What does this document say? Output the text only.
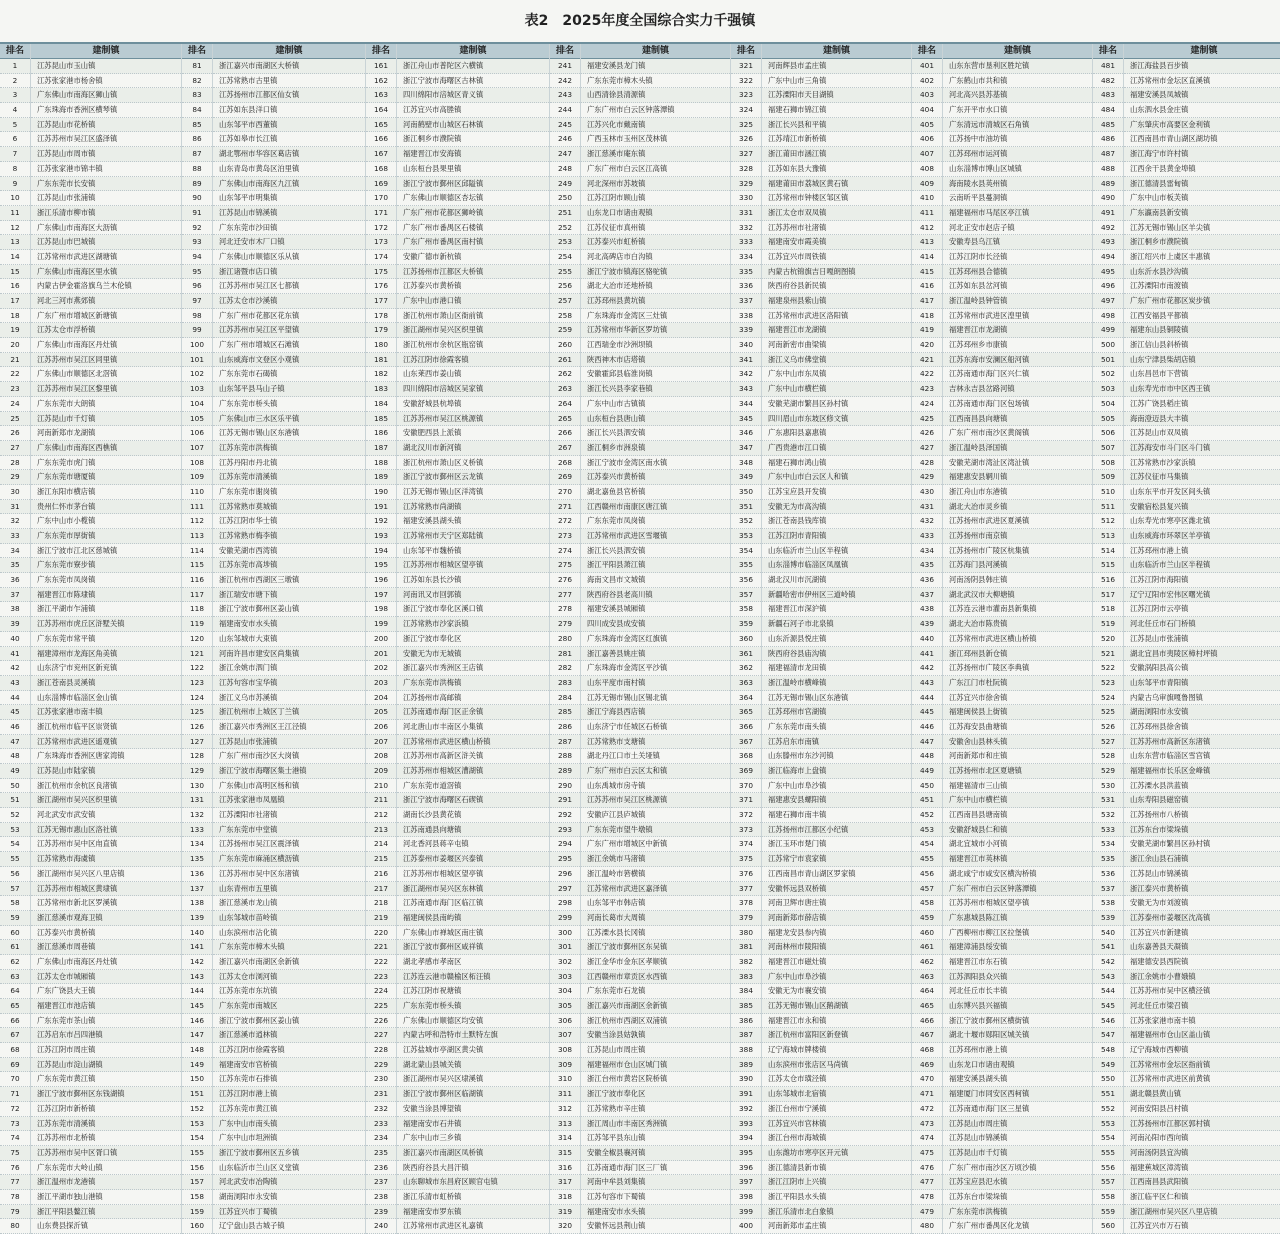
表2　2025年度全国综合实力千强镇
排名
1
2
3
4
5
6
7
8
9
10
11
12
13
14
15
16
17
18
19
20
21
22
23
24
25
26
27
28
29
30
31
32
33
34
35
36
37
38
39
40
41
42
43
44
45
46
47
48
49
50
51
52
53
54
55
56
57
58
59
60
61
62
63
64
65
66
67
68
69
70
71
72
73
74
75
76
77
78
79
80
建制镇
江苏昆山市玉山镇
江苏张家港市杨舍镇
广东佛山市南海区狮山镇
广东珠海市香洲区横琴镇
江苏昆山市花桥镇
江苏苏州市吴江区盛泽镇
江苏昆山市周市镇
江苏张家港市锦丰镇
广东东莞市长安镇
江苏昆山市张浦镇
浙江乐清市柳市镇
广东佛山市南海区大沥镇
江苏昆山市巴城镇
江苏常州市武进区湖塘镇
广东佛山市南海区里水镇
内蒙古伊金霍洛旗乌兰木伦镇
河北三河市燕郊镇
广东广州市增城区新塘镇
江苏太仓市浮桥镇
广东佛山市南海区丹灶镇
江苏苏州市吴江区同里镇
广东佛山市顺德区北滘镇
江苏苏州市吴江区黎里镇
广东东莞市大朗镇
江苏昆山市千灯镇
河南新郑市龙湖镇
广东佛山市南海区西樵镇
广东东莞市虎门镇
广东东莞市塘厦镇
浙江东阳市横店镇
贵州仁怀市茅台镇
广东中山市小榄镇
广东东莞市厚街镇
浙江宁波市江北区慈城镇
广东东莞市寮步镇
广东东莞市凤岗镇
福建晋江市陈埭镇
浙江平湖市乍浦镇
江苏苏州市虎丘区浒墅关镇
广东东莞市常平镇
福建漳州市龙海区角美镇
山东济宁市兖州区新兖镇
浙江苍南县灵溪镇
山东淄博市临淄区金山镇
江苏张家港市南丰镇
浙江杭州市临平区崇贤镇
江苏常州市武进区遥观镇
广东珠海市香洲区唐家湾镇
江苏昆山市陆家镇
浙江杭州市余杭区良渚镇
浙江湖州市吴兴区织里镇
河北武安市武安镇
江苏无锡市惠山区洛社镇
江苏苏州市吴中区甪直镇
江苏常熟市海虞镇
浙江湖州市吴兴区八里店镇
江苏苏州市相城区黄埭镇
江苏常州市新北区罗溪镇
浙江慈溪市观海卫镇
江苏泰兴市黄桥镇
浙江慈溪市周巷镇
广东佛山市南海区丹灶镇
江苏太仓市城厢镇
广东广饶县大王镇
福建晋江市池店镇
广东东莞市茶山镇
江苏启东市吕四港镇
江苏江阴市周庄镇
江苏昆山市淀山湖镇
广东东莞市黄江镇
浙江宁波市鄞州区东钱湖镇
江苏江阴市新桥镇
江苏东莞市清溪镇
江苏苏州市北桥镇
江苏苏州市吴中区胥口镇
广东东莞市大岭山镇
浙江温州市龙港镇
浙江平湖市独山港镇
浙江平阳县鳌江镇
山东费县探沂镇
排名
81
82
83
84
85
86
87
88
89
90
91
92
93
94
95
96
97
98
99
100
101
102
103
104
105
106
107
108
109
110
111
112
113
114
115
116
117
118
119
120
121
122
123
124
125
126
127
128
129
130
131
132
133
134
135
136
137
138
139
140
141
142
143
144
145
146
147
148
149
150
151
152
153
154
155
156
157
158
159
160
建制镇
浙江嘉兴市南湖区大桥镇
江苏常熟市古里镇
江苏扬州市江都区仙女镇
江苏如东县洋口镇
山东邹平市西董镇
江苏如皋市长江镇
湖北鄂州市华容区葛店镇
山东青岛市黄岛区泊里镇
广东佛山市南海区九江镇
山东邹平市明集镇
江苏昆山市锦溪镇
广东东莞市沙田镇
河北迁安市木厂口镇
广东佛山市顺德区乐从镇
浙江诸暨市店口镇
江苏苏州市吴江区七都镇
江苏太仓市沙溪镇
广东广州市花都区花东镇
江苏苏州市吴江区平望镇
广东广州市增城区石滩镇
山东威海市文登区小观镇
广东东莞市石碣镇
山东邹平县马山子镇
广东东莞市桥头镇
广东佛山市三水区乐平镇
江苏无锡市锡山区东港镇
江苏东莞市洪梅镇
江苏丹阳市丹北镇
江苏东莞市清溪镇
广东东莞市谢岗镇
江苏常熟市莫城镇
江苏江阴市华士镇
江苏常熟市梅李镇
安徽芜湖市西湾镇
江苏东莞市高埗镇
浙江杭州市西湖区三墩镇
浙江瑞安市塘下镇
浙江宁波市鄞州区姜山镇
福建南安市水头镇
山东邹城市大束镇
河南许昌市建安区尚集镇
浙江余姚市泗门镇
江苏句容市宝华镇
浙江义乌市苏溪镇
浙江杭州市上城区丁兰镇
浙江嘉兴市秀洲区王江泾镇
江苏昆山市张浦镇
广东广州市南沙区大岗镇
浙江宁波市海曙区集士港镇
广东佛山市高明区杨和镇
江苏张家港市凤凰镇
江苏溧阳市社渚镇
广东东莞市中堂镇
江苏扬州市吴江区震泽镇
广东东莞市麻涌区横沥镇
江苏苏州市吴中区东渚镇
山东青州市五里镇
浙江慈溪市龙山镇
山东邹城市苗岭镇
山东滨州市沾化镇
广东东莞市樟木头镇
浙江嘉兴市南湖区余新镇
江苏太仓市浏河镇
江苏东莞市东坑镇
广东东莞市南城区
浙江宁波市鄞州区姜山镇
浙江慈溪市逍林镇
江苏江阴市徐霞客镇
福建南安市官桥镇
江苏东莞市石排镇
江苏江阴市港上镇
江苏东莞市黄江镇
广东中山市南头镇
广东中山市坦洲镇
浙江宁波市鄞州区五乡镇
山东临沂市兰山区义堂镇
河北武安市冶陶镇
湖南浏阳市永安镇
江苏宜兴市丁蜀镇
辽宁盘山县古城子镇
排名
161
162
163
164
165
166
167
168
169
170
171
172
173
174
175
176
177
178
179
180
181
182
183
184
185
186
187
188
189
190
191
192
193
194
195
196
197
198
199
200
201
202
203
204
205
206
207
208
209
210
211
212
213
214
215
216
217
218
219
220
221
222
223
224
225
226
227
228
229
230
231
232
233
234
235
236
237
238
239
240
建制镇
浙江舟山市普陀区六横镇
浙江宁波市海曙区古林镇
四川绵阳市涪城区青义镇
江苏宜兴市高塍镇
河南鹤壁市山城区石林镇
浙江桐乡市濮院镇
福建晋江市安海镇
山东桓台县果里镇
浙江宁波市鄞州区邱隘镇
广东佛山市顺德区杏坛镇
广东广州市花都区狮岭镇
广东广州市番禺区石楼镇
广东广州市番禺区南村镇
安徽广德市新杭镇
江苏扬州市江都区大桥镇
江苏泰兴市黄桥镇
广东中山市港口镇
浙江杭州市萧山区衙前镇
浙江湖州市吴兴区织里镇
浙江杭州市余杭区瓶窑镇
江苏江阴市徐霞客镇
山东莱西市姜山镇
四川绵阳市涪城区吴家镇
安徽舒城县杭埠镇
江苏苏州市吴江区桃源镇
安徽肥西县上派镇
湖北汉川市新河镇
浙江杭州市萧山区义桥镇
浙江宁波市鄞州区云龙镇
江苏无锡市锡山区洋湾镇
江苏常熟市尚湖镇
福建安溪县湖头镇
江苏常州市天宁区郑陆镇
山东邹平市魏桥镇
江苏苏州市相城区望亭镇
江苏如东县长沙镇
河南讯又市回郭镇
浙江宁波市奉化区溪口镇
江苏常熟市沙家浜镇
浙江宁波市奉化区
安徽无为市无城镇
浙江嘉兴市秀洲区王店镇
广东东莞市洪梅镇
江苏扬州市高邮镇
江苏南通市海门区正余镇
河北唐山市丰南区小集镇
江苏常州市武进区横山桥镇
江苏苏州市高新区浒关镇
江苏苏州市相城区漕湖镇
广东东莞市道滘镇
浙江宁波市海曙区石碶镇
湖南长沙县黄花镇
江苏南通县向塘镇
河北香河县蒋辛屯镇
江苏泰州市姜堰区兴泰镇
江苏苏州市相城区望亭镇
浙江湖州市吴兴区东林镇
江苏南通市海门区临江镇
福建闽侯县南屿镇
广东佛山市禅城区南庄镇
浙江宁波市鄞州区咸祥镇
湖北孝感市孝南区
江苏连云港市赣榆区柘汪镇
江苏江阴市祝塘镇
广东东莞市桥头镇
广东佛山市顺德区均安镇
内蒙古呼和浩特市土默特左旗
江苏盐城市亭湖区黄尖镇
湖北蒙山县城关镇
浙江湖州市吴兴区埭溪镇
浙江宁波市鄞州区临湖镇
安徽当涂县博望镇
福建南安市石井镇
广东中山市三乡镇
浙江嘉兴市南湖区凤桥镇
陕西府谷县大昌汗镇
山东聊城市东昌府区顾官屯镇
浙江乐清市虹桥镇
福建南安市罗东镇
江苏常州市武进区礼嘉镇
排名
241
242
243
244
245
246
247
248
249
250
251
252
253
254
255
256
257
258
259
260
261
262
263
264
265
266
267
268
269
270
271
272
273
274
275
276
277
278
279
280
281
282
283
284
285
286
287
288
289
290
291
292
293
294
295
296
297
298
299
300
301
302
303
304
305
306
307
308
309
310
311
312
313
314
315
316
317
318
319
320
建制镇
福建安溪县龙门镇
广东东莞市樟木头镇
山西清徐县清源镇
广东广州市白云区钟落潭镇
江苏兴化市戴南镇
广西玉林市玉州区茂林镇
浙江慈溪市庵东镇
广东广州市白云区江高镇
河北深州市苏坡镇
江苏江阴市顾山镇
山东龙口市诸由观镇
江苏仪征市真州镇
江苏泰兴市虹桥镇
河北高碑店市白沟镇
浙江宁波市镇海区骆驼镇
湖北大冶市还地桥镇
江苏邳州县黄坑镇
广东珠海市金湾区三灶镇
江苏常州市华新区罗坊镇
江西瑞金市沙洲坝镇
陕西神木市店塔镇
安徽霍邱县临淮岗镇
浙江长兴县李家巷镇
广东中山市古镇镇
山东桓台县唐山镇
浙江长兴县泗安镇
浙江桐乡市洲泉镇
浙江宁波市金湾区南水镇
江苏泰兴市黄桥镇
湖北嘉鱼县官桥镇
江西赣州市南康区唐江镇
广东东莞市凤岗镇
江苏常州市武进区雪堰镇
浙江长兴县泗安镇
浙江平阳县萧江镇
海南文昌市文城镇
陕西府谷县老高川镇
福建安溪县城厢镇
四川成安县成安镇
广东珠海市金湾区红旗镇
浙江嘉善县姚庄镇
广东珠海市金湾区平沙镇
山东平度市南村镇
江苏无锡市锡山区锡北镇
浙江宁海县西店镇
山东济宁市任城区石桥镇
江苏常熟市支塘镇
湖北丹江口市土关垭镇
广东广州市白云区太和镇
山东禹城市房寺镇
江苏苏州市吴江区桃源镇
安徽庐江县庐城镇
广东东莞市望牛墩镇
广东广州市增城区中新镇
浙江余姚市马渚镇
浙江温岭市箬横镇
江苏常州市武进区嘉泽镇
山东邹平市韩店镇
河南长葛市大周镇
江苏溧水县长冈镇
浙江宁波市鄞州区东吴镇
浙江金华市金东区孝顺镇
江西赣州市章贡区水西镇
广东东莞市石龙镇
浙江嘉兴市南湖区余新镇
浙江杭州市西湖区双浦镇
安徽当涂县姑孰镇
江苏昆山市周庄镇
福建福州市仓山区城门镇
浙江台州市黄岩区院桥镇
浙江宁波市奉化区
江苏常熟市辛庄镇
浙江周山市丰南区秀洲镇
江苏邹平县东山镇
安徽全椒县襄河镇
江苏南通市海门区三厂镇
河南中牟县刘集镇
江苏句容市下蜀镇
福建南安市水头镇
安徽怀远县荆山镇
排名
321
322
323
324
325
326
327
328
329
330
331
332
333
334
335
336
337
338
339
340
341
342
343
344
345
346
347
348
349
350
351
352
353
354
355
356
357
358
359
360
361
362
363
364
365
366
367
368
369
370
371
372
373
374
375
376
377
378
379
380
381
382
383
384
385
386
387
388
389
390
391
392
393
394
395
396
397
398
399
400
建制镇
河南辉县市孟庄镇
广东中山市三角镇
江苏溧阳市天目湖镇
福建石狮市锦江镇
浙江长兴县和平镇
江苏靖江市新桥镇
浙江莆田市涵江镇
江苏如东县大豫镇
福建莆田市荔城区黄石镇
江苏常州市钟楼区邹区镇
浙江太仓市双凤镇
江苏苏州市社渚镇
福建南安市霞美镇
江苏宜兴市周铁镇
内蒙古杭锦旗吉日嘎朗图镇
陕西府谷县新民镇
福建泉州县紫山镇
江苏常州市武进区洛阳镇
福建晋江市龙湖镇
河南新密市曲梁镇
浙江义乌市佛堂镇
广东中山市东凤镇
广东中山市横栏镇
安徽芜湖市繁昌区孙村镇
四川眉山市东坡区修文镇
广东惠阳县嘉惠镇
广西贵港市江口镇
福建石狮市鸿山镇
广东中山市白云区人和镇
江苏宝应县开发镇
安徽无为市高沟镇
浙江苍南县钱库镇
江苏江阴市青阳镇
山东临沂市兰山区半程镇
山东淄博市临淄区凤凰镇
湖北汉川市沉湖镇
新疆哈密市伊州区三道岭镇
福建晋江市深沪镇
新疆石河子市北泉镇
山东沂源县悦庄镇
陕西府谷县庙沟镇
福建福清市龙田镇
浙江温岭市横峰镇
江苏无锡市锡山区东港镇
江苏邳州市官湖镇
广东东莞市南头镇
江苏启东市南镇
山东滕州市东沙河镇
浙江临海市上盘镇
广东中山市阜沙镇
福建惠安县螺阳镇
福建石狮市南丰镇
江苏扬州市江都区小纪镇
浙江玉环市楚门镇
江苏常宁市袁家镇
江西南昌市青山湖区罗家镇
安徽怀远县双桥镇
河南卫辉市唐庄镇
河南新郑市薛店镇
福建龙安县参内镇
河南林州市陵阳镇
福建晋江市磁灶镇
广东中山市阜沙镇
安徽无为市襄安镇
江苏无锡市锡山区鹅湖镇
福建晋江市永和镇
浙江杭州市富阳区新登镇
辽宁海城市牌楼镇
山东滨州市张店区马尚镇
江苏太仓市璜泾镇
山东邹城市北宿镇
浙江台州市宁溪镇
江苏宜兴市官林镇
浙江台州市海城镇
山东潍坊市寒亭区开元镇
浙江德清县新市镇
浙江江阴市上兴镇
浙江平阳县水头镇
浙江乐清市北白象镇
河南新郑市孟庄镇
排名
401
402
403
404
405
406
407
408
409
410
411
412
413
414
415
416
417
418
419
420
421
422
423
424
425
426
427
428
429
430
431
432
433
434
435
436
437
438
439
440
441
442
443
444
445
446
447
448
449
450
451
452
453
454
455
456
457
458
459
460
461
462
463
464
465
466
467
468
469
470
471
472
473
474
475
476
477
478
479
480
建制镇
山东东营市垦利区胜坨镇
广东鹤山市共和镇
河北高兴县苏基镇
广东开平市水口镇
广东清远市清城区石角镇
江苏扬中市油坊镇
江苏邳州市运河镇
山东淄博市博山区城镇
海南陵水县英州镇
云南昕平县蔓洞镇
福建福州市马尾区亭江镇
河北正安市赵店子镇
安徽寿县乌江镇
江苏江阴市长泾镇
江苏邳州县合德镇
江苏如东县岔河镇
浙江温岭县钟管镇
江苏常州市武进区湟里镇
福建晋江市龙湖镇
江苏邳州乡市康镇
江苏东海市安澜区船河镇
江苏南通市海门区兴仁镇
吉林永吉县岔路河镇
江苏南通市海门区包场镇
江西南昌县向塘镇
广东广州市南沙区黄阁镇
浙江温岭县泽国镇
安徽芜湖市湾沚区湾沚镇
福建惠安县辋川镇
浙江舟山市东港镇
湖北大冶市灵乡镇
江苏扬州市武进区夏溪镇
江苏扬州市南京镇
江苏扬州市广陵区杭集镇
江苏海门县河溪镇
河南汤阴县韩庄镇
湖北武汉市大柳塘镇
江苏连云港市灌南县新集镇
湖北大冶市陈贵镇
江苏常州市武进区横山桥镇
浙江邳州县新仓镇
江苏扬州市广陵区李典镇
广东江门市杜阮镇
江苏宜兴市徐舍镇
福建闽侯县上街镇
江苏海安县曲塘镇
安徽舍山县林头镇
河南新郑市和庄镇
江苏扬州市北区夏塘镇
福建福清市三山镇
广东中山市横栏镇
江西南昌县塘南镇
安徽舒城县仁和镇
湖北宜城市小河镇
福建晋江市英林镇
湖北咸宁市咸安区横沟桥镇
广东广州市白云区钟落潭镇
江苏苏州市相城区望亭镇
广东惠城县陈江镇
广西柳州市柳江区拉堡镇
福建漳浦县绥安镇
福建晋江市东石镇
江苏泗阳县众兴镇
河北任丘市长丰镇
山东博兴县兴福镇
浙江宁波市鄞州区横街镇
湖北十堰市郧阳区城关镇
江苏邳州市港上镇
山东龙口市诸由观镇
福建安溪县湖头镇
福建厦门市同安区西柯镇
江苏南通市海门区三星镇
江苏昆山市周庄镇
江苏昆山市锦溪镇
江苏昆山市千灯镇
广东广州市南沙区万顷沙镇
江苏宝应县氾水镇
江苏东台市梁垛镇
广东东莞市洪梅镇
广东广州市番禺区化龙镇
排名
481
482
483
484
485
486
487
488
489
490
491
492
493
494
495
496
497
498
499
500
501
502
503
504
505
506
507
508
509
510
511
512
513
514
515
516
517
518
519
520
521
522
523
524
525
526
527
528
529
530
531
532
533
534
535
536
537
538
539
540
541
542
543
544
545
546
547
548
549
550
551
552
553
554
555
556
557
558
559
560
建制镇
浙江海盐县百步镇
江苏常州市金坛区直溪镇
福建安溪县凤城镇
山东泗水县金庄镇
广东肇庆市高要区金利镇
江西南昌市青山湖区湖坊镇
浙江海宁市许村镇
江西余干县黄金埠镇
浙江德清县雷甸镇
广东中山市板芙镇
广东瀛南县新安镇
江苏无锡市锡山区羊尖镇
浙江桐乡市濮院镇
浙江绍兴市上虞区丰惠镇
山东沂水县沙沟镇
江苏溧阳市南渡镇
广东广州市花都区炭步镇
江西安福县平都镇
福建东山县铜陵镇
浙江信山县斜桥镇
山东宁津县柴胡店镇
山东昌邑市下营镇
山东寿光市市中区西王镇
江苏广饶县稻庄镇
海南澄迈县大丰镇
江苏昆山市双凤镇
江苏海安市斗门区斗门镇
江苏常熟市沙家浜镇
江苏仪征市马集镇
山东东平市开发区间头镇
安徽宿松县复兴镇
山东寿光市寒亭区潍北镇
山东威海市环翠区羊亭镇
江苏邳州市港上镇
山东临沂市兰山区半程镇
江苏江阴市海阳镇
辽宁辽阳市宏伟区曙光镇
江苏江阴市云亭镇
河北任丘市石门桥镇
江苏昆山市张浦镇
湖北宜昌市夷陵区樟村坪镇
安徽涡阳县高公镇
山东邹平市青阳镇
内蒙古乌审旗嘎鲁图镇
湖南浏阳市永安镇
江苏邳州县徐舍镇
江苏苏州市高新区东渚镇
山东东营市临淄区雪宫镇
福建福州市长乐区金峰镇
江苏溧水县洪蓝镇
山东寿阳县磁窑镇
江苏扬州市八桥镇
江苏东台市梁垛镇
安徽芜湖市繁昌区孙村镇
浙江余山县石浦镇
江苏昆山市锦溪镇
浙江泰兴市黄桥镇
安徽无为市刘渡镇
江苏泰州市姜堰区沈高镇
江苏宜兴市新建镇
山东嘉善县天凝镇
福建德安县西院镇
浙江余姚市小曹娥镇
江苏苏州市吴中区横泾镇
河北任丘市梁召镇
江苏张家港市南丰镇
福建福州市仓山区盖山镇
辽宁海城市西柳镇
江苏常州市金坛区指前镇
江苏常州市武进区前黄镇
湖北赣县黄山镇
河南安阳县吕村镇
江苏扬州市江都区郭村镇
河南沁阳市西向镇
河南汤阴县宜沟镇
福建蕉城区漳湾镇
江西南昌县武阳镇
浙江临平区仁和镇
浙江湖州市吴兴区八里店镇
江苏宜兴市万石镇
